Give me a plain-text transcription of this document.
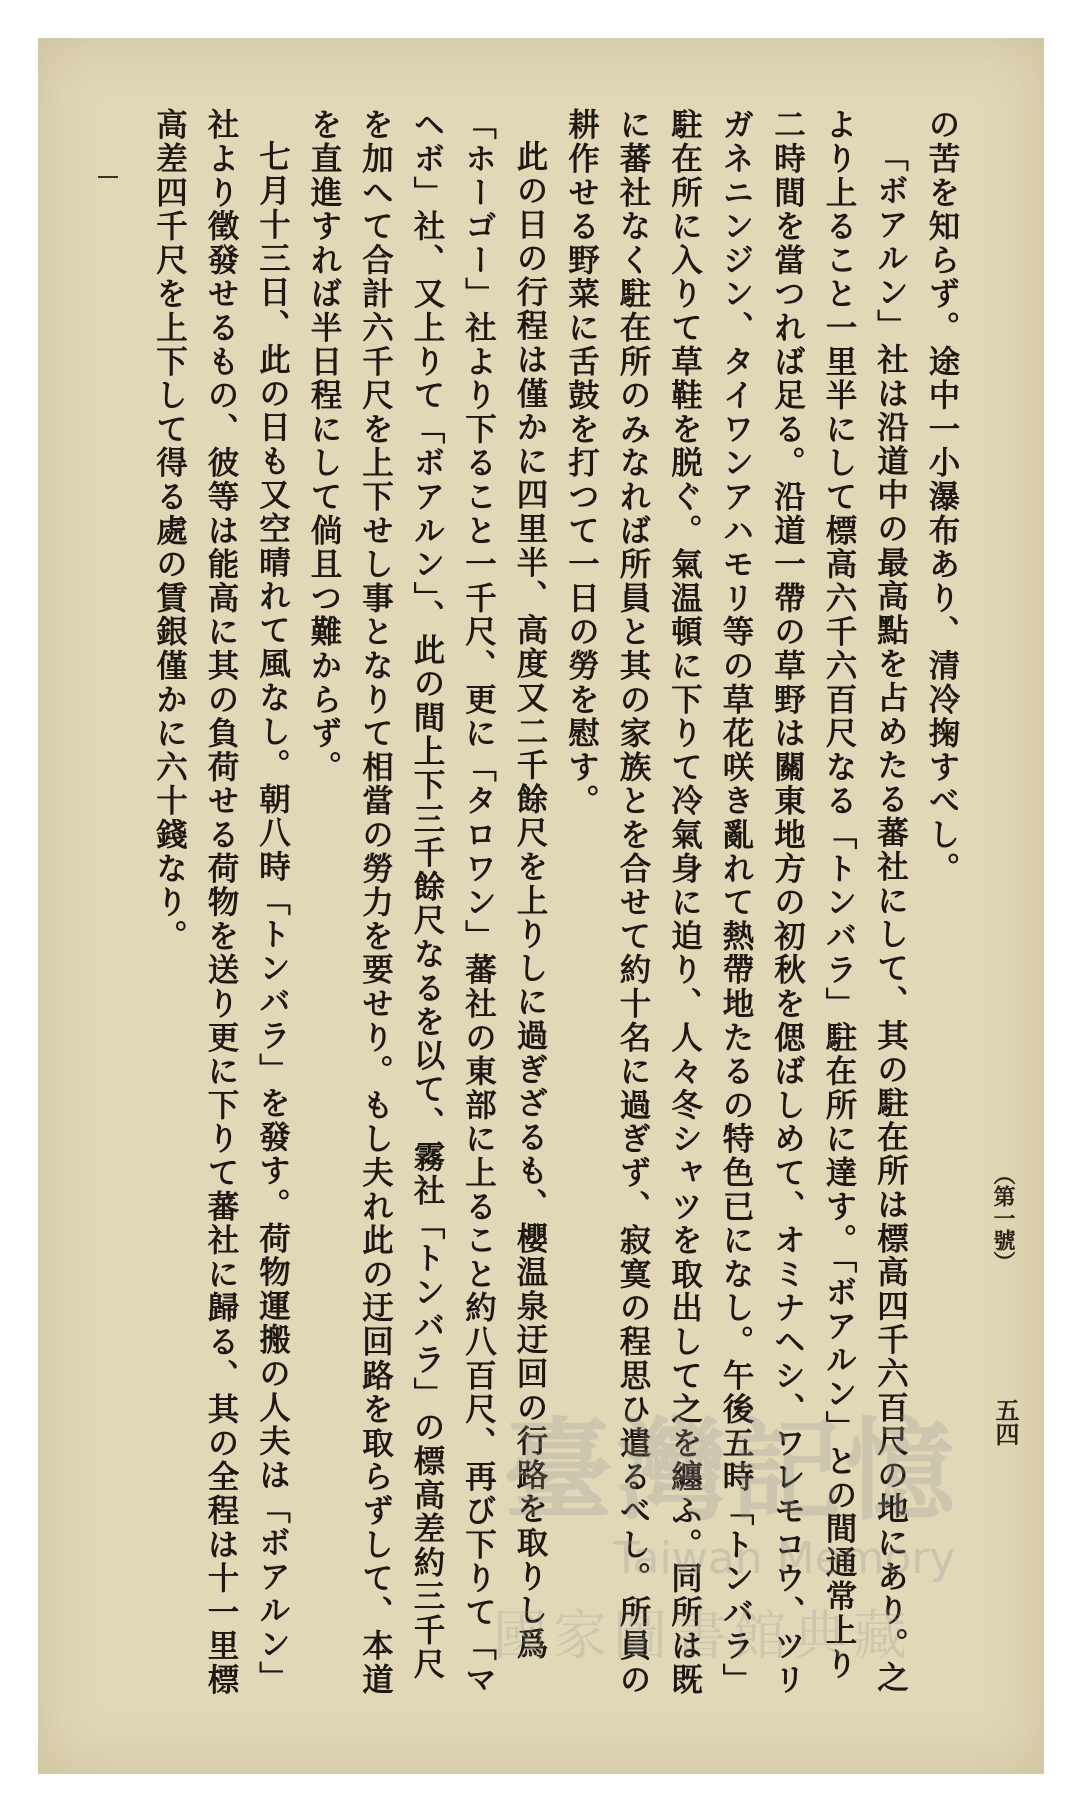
（第一號）
五四

の苦を知らず。途中一小瀑布あり、清冷掬すべし。

「ボアルン」社は沿道中の最高點を占めたる蕃社にして、其の駐在所は標高四千六百尺の地にあり。之より上ること一里半にして標高六千六百尺なる「トンバラ」駐在所に達す。「ボアルン」との間通常上り二時間を當つれば足る。沿道一帶の草野は關東地方の初秋を偲ばしめて、オミナヘシ、ワレモコウ、ツリガネニンジン、タイワンアハモリ等の草花咲き亂れて熱帶地たるの特色已になし。午後五時「トンバラ」駐在所に入りて草鞋を脱ぐ。氣温頓に下りて冷氣身に迫り、人々冬シャツを取出して之を纏ふ。同所は既に蕃社なく駐在所のみなれば所員と其の家族とを合せて約十名に過ぎず、寂寞の程思ひ遣るべし。所員の耕作せる野菜に舌鼓を打つて一日の勞を慰す。

此の日の行程は僅かに四里半、高度又二千餘尺を上りしに過ぎざるも、櫻温泉迂回の行路を取りし爲「ホーゴー」社より下ること一千尺、更に「タロワン」蕃社の東部に上ること約八百尺、再び下りて「マヘボ」社、又上りて「ボアルン」、此の間上下三千餘尺なるを以て、霧社「トンバラ」の標高差約三千尺を加へて合計六千尺を上下せし事となりて相當の勞力を要せり。もし夫れ此の迂回路を取らずして、本道を直進すれば半日程にして倘且つ難からず。

七月十三日、此の日も又空晴れて風なし。朝八時「トンバラ」を發す。荷物運搬の人夫は「ボアルン」社より徵發せるもの、彼等は能高に其の負荷せる荷物を送り更に下りて蕃社に歸る、其の全程は十一里標高差四千尺を上下して得る處の賃銀僅かに六十錢なり。

臺灣記憶
Taiwan Memory
國家圖書館典藏
